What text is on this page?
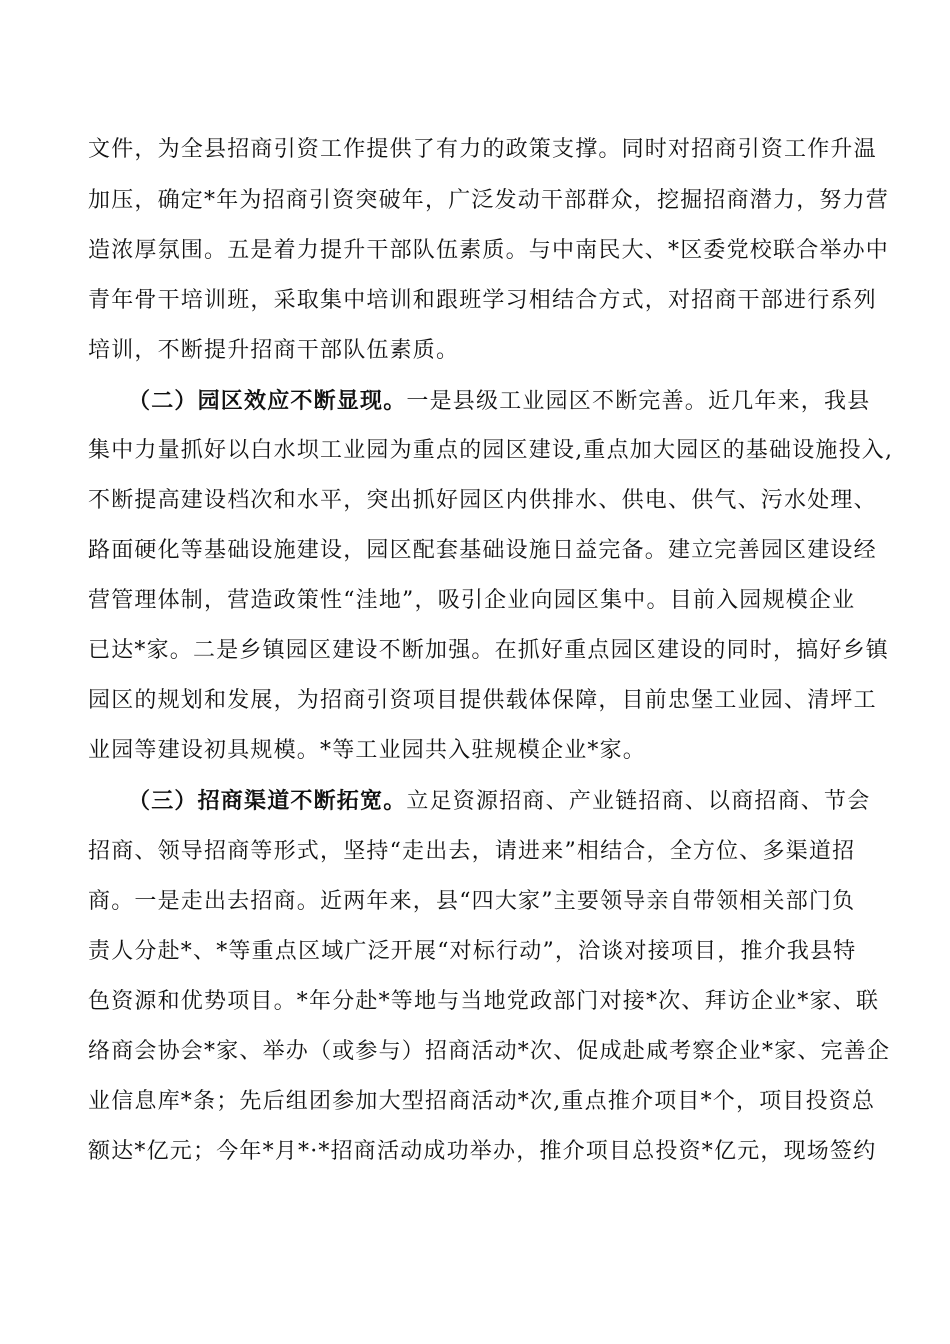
文件，为全县招商引资工作提供了有力的政策支撑。同时对招商引资工作升温
加压，确定*年为招商引资突破年，广泛发动干部群众，挖掘招商潜力，努力营
造浓厚氛围。五是着力提升干部队伍素质。与中南民大、*区委党校联合举办中
青年骨干培训班，采取集中培训和跟班学习相结合方式，对招商干部进行系列
培训，不断提升招商干部队伍素质。
（二）园区效应不断显现。一是县级工业园区不断完善。近几年来，我县
集中力量抓好以白水坝工业园为重点的园区建设,重点加大园区的基础设施投入,
不断提高建设档次和水平，突出抓好园区内供排水、供电、供气、污水处理、
路面硬化等基础设施建设，园区配套基础设施日益完备。建立完善园区建设经
营管理体制，营造政策性“洼地”，吸引企业向园区集中。目前入园规模企业
已达*家。二是乡镇园区建设不断加强。在抓好重点园区建设的同时，搞好乡镇
园区的规划和发展，为招商引资项目提供载体保障，目前忠堡工业园、清坪工
业园等建设初具规模。*等工业园共入驻规模企业*家。
（三）招商渠道不断拓宽。立足资源招商、产业链招商、以商招商、节会
招商、领导招商等形式，坚持“走出去，请进来”相结合，全方位、多渠道招
商。一是走出去招商。近两年来，县“四大家”主要领导亲自带领相关部门负
责人分赴*、*等重点区域广泛开展“对标行动”，洽谈对接项目，推介我县特
色资源和优势项目。*年分赴*等地与当地党政部门对接*次、拜访企业*家、联
络商会协会*家、举办（或参与）招商活动*次、促成赴咸考察企业*家、完善企
业信息库*条；先后组团参加大型招商活动*次,重点推介项目*个，项目投资总
额达*亿元；今年*月*·*招商活动成功举办，推介项目总投资*亿元，现场签约
